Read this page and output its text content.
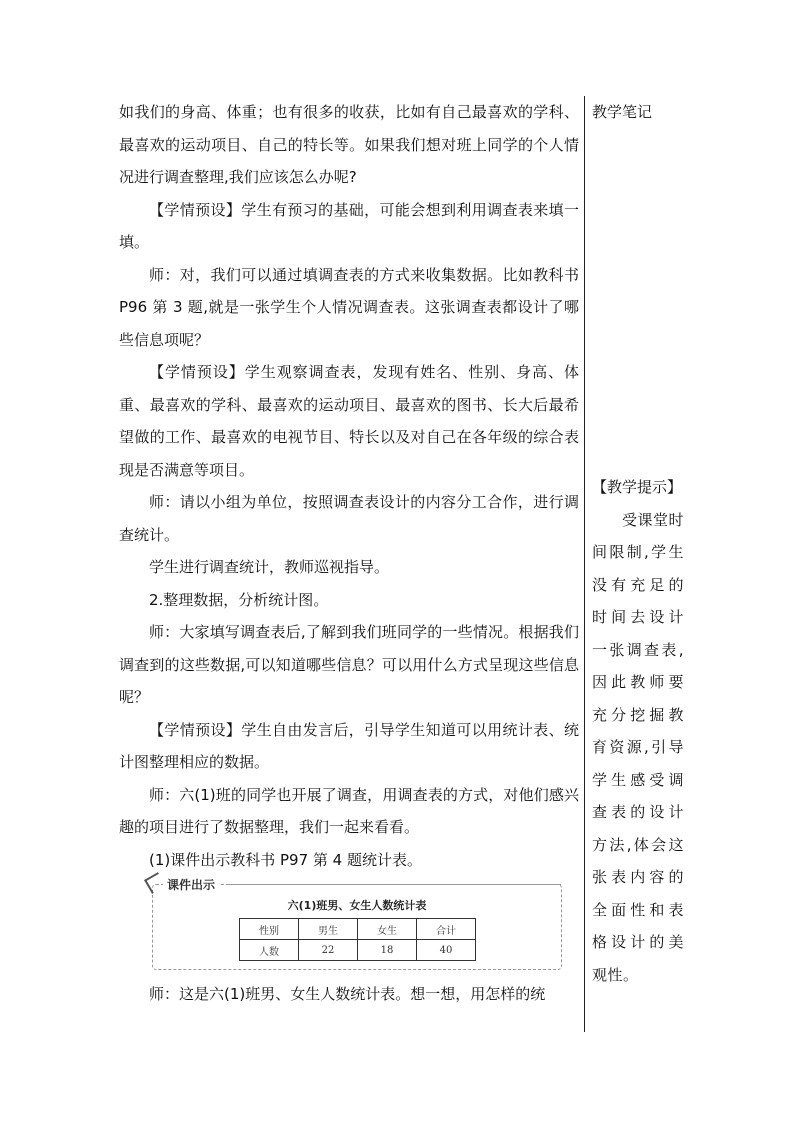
如我们的身高、体重；也有很多的收获，比如有自己最喜欢的学科、最喜欢的运动项目、自己的特长等。如果我们想对班上同学的个人情况进行调查整理,我们应该怎么办呢?

【学情预设】学生有预习的基础，可能会想到利用调查表来填一填。

师：对，我们可以通过填调查表的方式来收集数据。比如教科书 P96 第 3 题,就是一张学生个人情况调查表。这张调查表都设计了哪些信息项呢？

【学情预设】学生观察调查表，发现有姓名、性别、身高、体重、最喜欢的学科、最喜欢的运动项目、最喜欢的图书、长大后最希望做的工作、最喜欢的电视节目、特长以及对自己在各年级的综合表现是否满意等项目。

师：请以小组为单位，按照调查表设计的内容分工合作，进行调查统计。

学生进行调查统计，教师巡视指导。

2.整理数据，分析统计图。

师：大家填写调查表后,了解到我们班同学的一些情况。根据我们调查到的这些数据,可以知道哪些信息？可以用什么方式呈现这些信息呢？

【学情预设】学生自由发言后，引导学生知道可以用统计表、统计图整理相应的数据。

师：六(1)班的同学也开展了调查，用调查表的方式，对他们感兴趣的项目进行了数据整理，我们一起来看看。

(1)课件出示教科书 P97 第 4 题统计表。

课件出示
六(1)班男、女生人数统计表
性别	男生	女生	合计
人数	22	18	40

师：这是六(1)班男、女生人数统计表。想一想，用怎样的统

教学笔记

【教学提示】

受课堂时间限制,学生没有充足的时间去设计一张调查表,因此教师要充分挖掘教育资源,引导学生感受调查表的设计方法,体会这张表内容的全面性和表格设计的美观性。
